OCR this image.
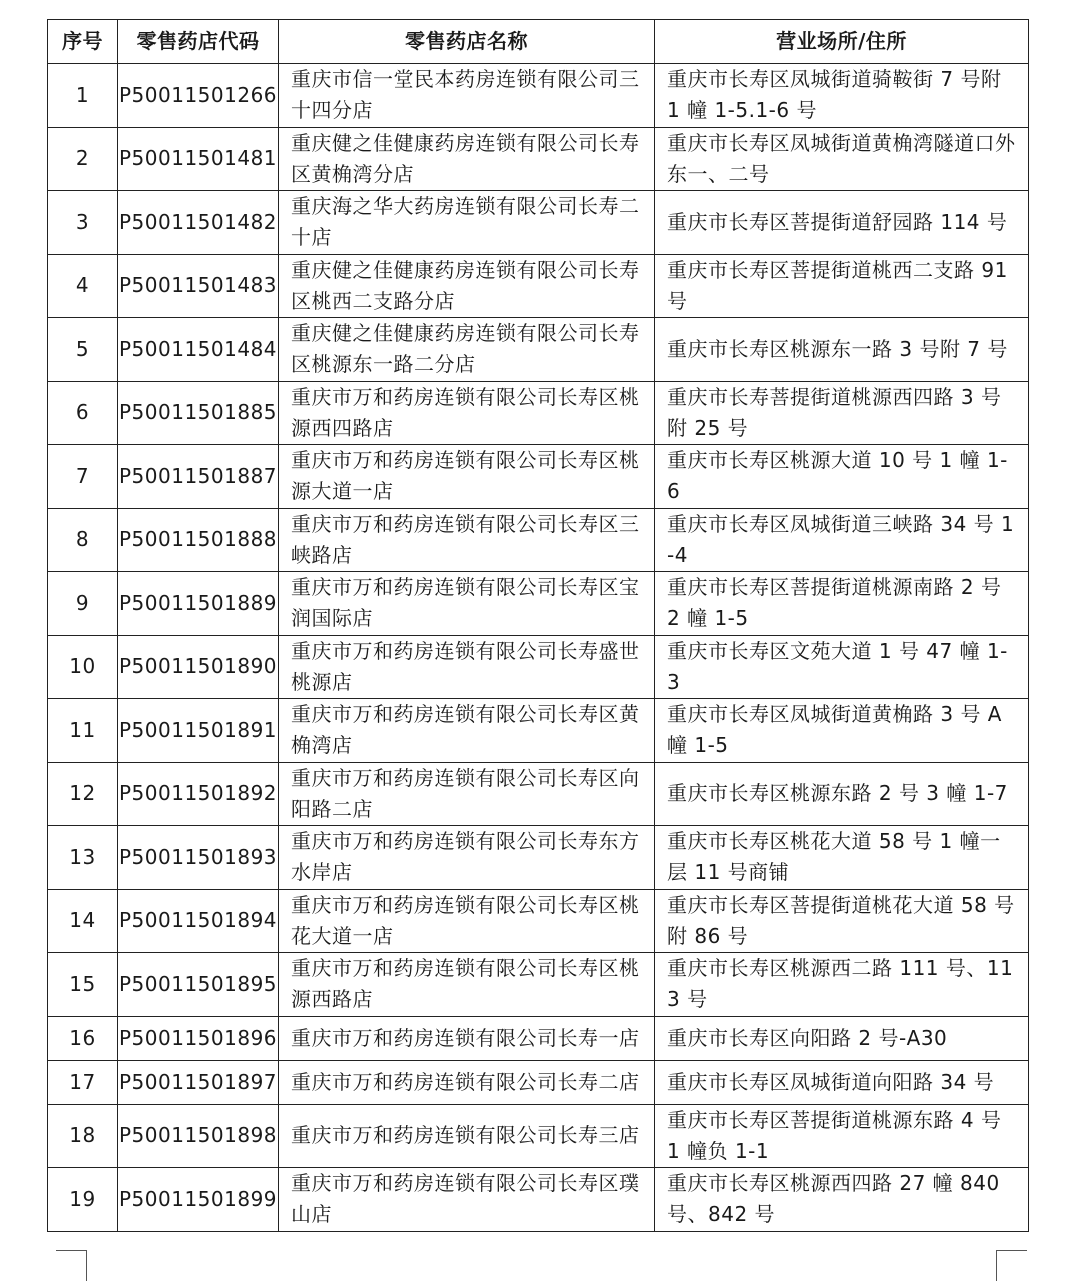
序号	零售药店代码	零售药店名称	营业场所/住所
1	P50011501266	重庆市信一堂民本药房连锁有限公司三十四分店	重庆市长寿区凤城街道骑鞍街 7 号附 1 幢 1-5.1-6 号
2	P50011501481	重庆健之佳健康药房连锁有限公司长寿区黄桷湾分店	重庆市长寿区凤城街道黄桷湾隧道口外东一、二号
3	P50011501482	重庆海之华大药房连锁有限公司长寿二十店	重庆市长寿区菩提街道舒园路 114 号
4	P50011501483	重庆健之佳健康药房连锁有限公司长寿区桃西二支路分店	重庆市长寿区菩提街道桃西二支路 91 号
5	P50011501484	重庆健之佳健康药房连锁有限公司长寿区桃源东一路二分店	重庆市长寿区桃源东一路 3 号附 7 号
6	P50011501885	重庆市万和药房连锁有限公司长寿区桃源西四路店	重庆市长寿菩提街道桃源西四路 3 号附 25 号
7	P50011501887	重庆市万和药房连锁有限公司长寿区桃源大道一店	重庆市长寿区桃源大道 10 号 1 幢 1-6
8	P50011501888	重庆市万和药房连锁有限公司长寿区三峡路店	重庆市长寿区凤城街道三峡路 34 号 1-4
9	P50011501889	重庆市万和药房连锁有限公司长寿区宝润国际店	重庆市长寿区菩提街道桃源南路 2 号 2 幢 1-5
10	P50011501890	重庆市万和药房连锁有限公司长寿盛世桃源店	重庆市长寿区文苑大道 1 号 47 幢 1-3
11	P50011501891	重庆市万和药房连锁有限公司长寿区黄桷湾店	重庆市长寿区凤城街道黄桷路 3 号 A 幢 1-5
12	P50011501892	重庆市万和药房连锁有限公司长寿区向阳路二店	重庆市长寿区桃源东路 2 号 3 幢 1-7
13	P50011501893	重庆市万和药房连锁有限公司长寿东方水岸店	重庆市长寿区桃花大道 58 号 1 幢一层 11 号商铺
14	P50011501894	重庆市万和药房连锁有限公司长寿区桃花大道一店	重庆市长寿区菩提街道桃花大道 58 号附 86 号
15	P50011501895	重庆市万和药房连锁有限公司长寿区桃源西路店	重庆市长寿区桃源西二路 111 号、113 号
16	P50011501896	重庆市万和药房连锁有限公司长寿一店	重庆市长寿区向阳路 2 号-A30
17	P50011501897	重庆市万和药房连锁有限公司长寿二店	重庆市长寿区凤城街道向阳路 34 号
18	P50011501898	重庆市万和药房连锁有限公司长寿三店	重庆市长寿区菩提街道桃源东路 4 号 1 幢负 1-1
19	P50011501899	重庆市万和药房连锁有限公司长寿区璞山店	重庆市长寿区桃源西四路 27 幢 840 号、842 号
